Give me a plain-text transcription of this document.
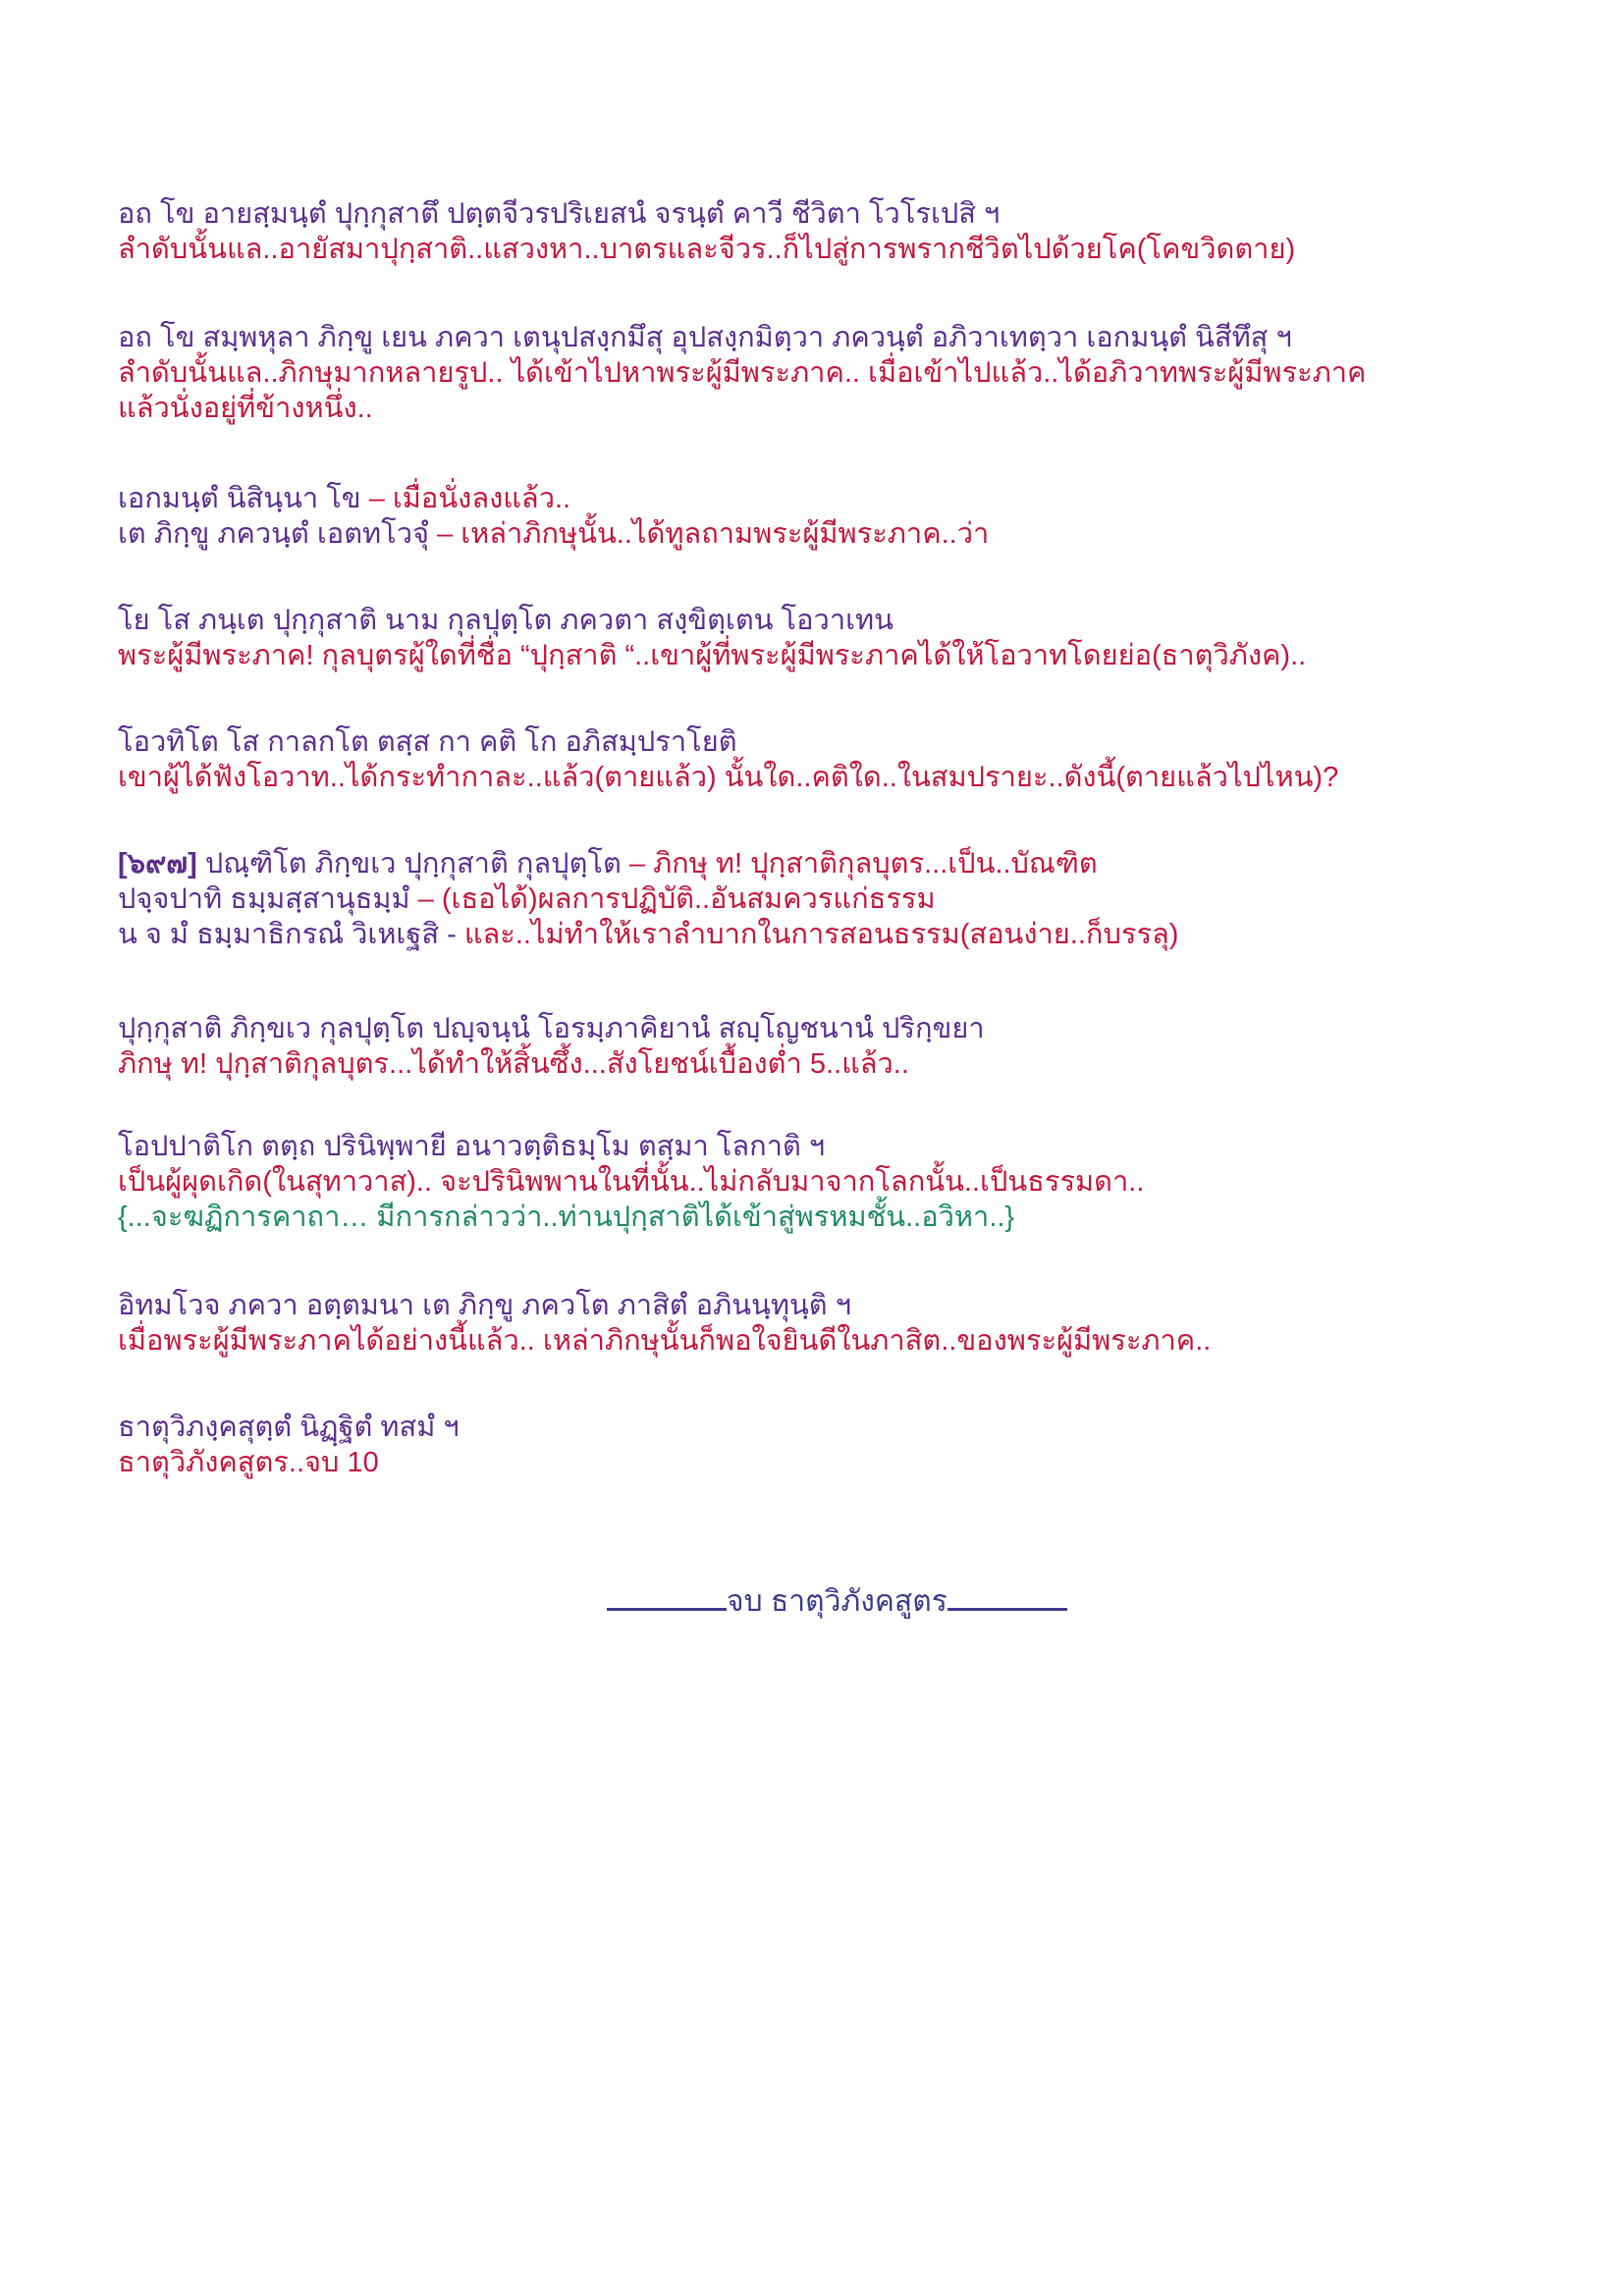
อถ โข อายสฺมนฺตํ ปุกฺกุสาตึ ปตฺตจีวรปริเยสนํ จรนฺตํ คาวี ชีวิตา โวโรเปสิ ฯ
ลำดับนั้นแล..อายัสมาปุกฺสาติ..แสวงหา..บาตรและจีวร..ก็ไปสู่การพรากชีวิตไปด้วยโค(โคขวิดตาย)
อถ โข สมฺพหุลา ภิกฺขู เยน ภควา เตนุปสงฺกมึสุ อุปสงฺกมิตฺวา ภควนฺตํ อภิวาเทตฺวา เอกมนฺตํ นิสีทึสุ ฯ
ลำดับนั้นแล..ภิกษุมากหลายรูป.. ได้เข้าไปหาพระผู้มีพระภาค.. เมื่อเข้าไปแล้ว..ได้อภิวาทพระผู้มีพระภาค
แล้วนั่งอยู่ที่ข้างหนึ่ง..
เอกมนฺตํ นิสินฺนา โข – เมื่อนั่งลงแล้ว..
เต ภิกฺขู ภควนฺตํ เอตทโวจุํ – เหล่าภิกษุนั้น..ได้ทูลถามพระผู้มีพระภาค..ว่า
โย โส ภนฺเต ปุกฺกุสาติ นาม กุลปุตฺโต ภควตา สงฺขิตฺเตน โอวาเทน
พระผู้มีพระภาค! กุลบุตรผู้ใดที่ชื่อ “ปุกฺสาติ “..เขาผู้ที่พระผู้มีพระภาคได้ให้โอวาทโดยย่อ(ธาตุวิภังค)..
โอวทิโต โส กาลกโต ตสฺส กา คติ โก อภิสมฺปราโยติ
เขาผู้ได้ฟังโอวาท..ได้กระทำกาละ..แล้ว(ตายแล้ว) นั้นใด..คติใด..ในสมปรายะ..ดังนี้(ตายแล้วไปไหน)?
[๖๙๗] ปณฺฑิโต ภิกฺขเว ปุกฺกุสาติ กุลปุตฺโต – ภิกษุ ท! ปุกฺสาติกุลบุตร...เป็น..บัณฑิต
ปจฺจปาทิ ธมฺมสฺสานุธมฺมํ – (เธอได้)ผลการปฏิบัติ..อันสมควรแก่ธรรม
น จ มํ ธมฺมาธิกรณํ วิเหเฐสิ - และ..ไม่ทำให้เราลำบากในการสอนธรรม(สอนง่าย..ก็บรรลุ)
ปุกฺกุสาติ ภิกฺขเว กุลปุตฺโต ปญฺจนฺนํ โอรมฺภาคิยานํ สญฺโญชนานํ ปริกฺขยา
ภิกษุ ท! ปุกฺสาติกุลบุตร...ได้ทำให้สิ้นซึ้ง...สังโยชน์เบื้องต่ำ 5..แล้ว..
โอปปาติโก ตตฺถ ปรินิพฺพายี อนาวตฺติธมฺโม ตสฺมา โลกาติ ฯ
เป็นผู้ผุดเกิด(ในสุทาวาส).. จะปรินิพพานในที่นั้น..ไม่กลับมาจากโลกนั้น..เป็นธรรมดา..
{...จะฆฏิการคาถา… มีการกล่าวว่า..ท่านปุกฺสาติได้เข้าสู่พรหมชั้น..อวิหา..}
อิทมโวจ ภควา อตฺตมนา เต ภิกฺขู ภควโต ภาสิตํ อภินนฺทุนฺติ ฯ
เมื่อพระผู้มีพระภาคได้อย่างนี้แล้ว.. เหล่าภิกษุนั้นก็พอใจยินดีในภาสิต..ของพระผู้มีพระภาค..
ธาตุวิภงฺคสุตฺตํ นิฏฺฐิตํ ทสมํ ฯ
ธาตุวิภังคสูตร..จบ 10
จบ ธาตุวิภังคสูตร
